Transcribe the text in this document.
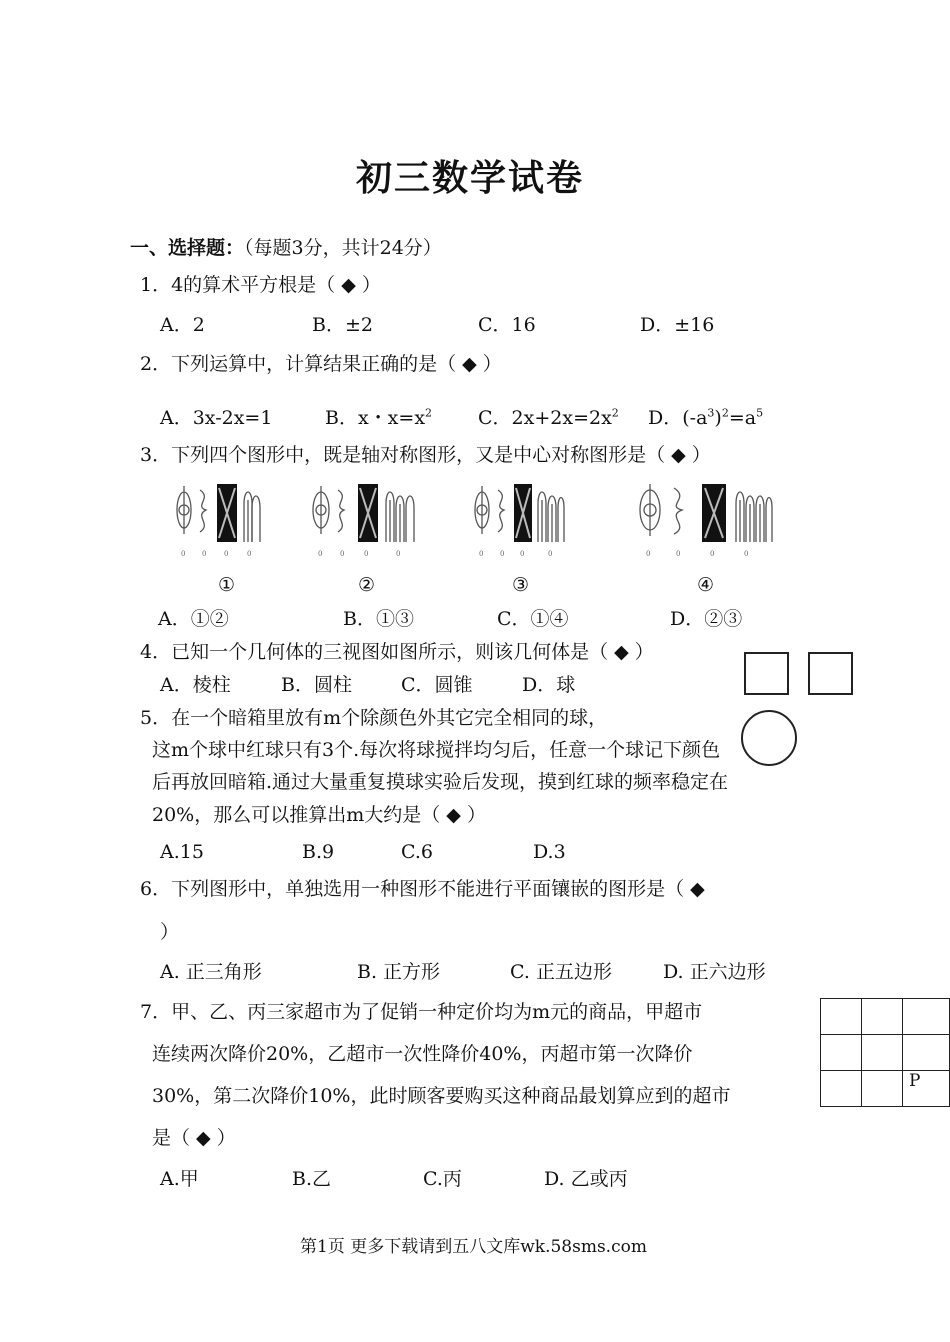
初三数学试卷
一、选择题：（每题3分，共计24分）
1．4的算术平方根是（ ◆ ）
A．2	B．±2	C．16	D．±16
2．下列运算中，计算结果正确的是（ ◆ ）
A．3x-2x=1	B．x・$x=x^2$ C．$2x+2x=2x^2$ D．$(-a^3)^2=a^5$
3．下列四个图形中，既是轴对称图形，又是中心对称图形是（ ◆ ）
0 0	0	0	0	0	0	0	0 0 0	0	0	0	0	0
①	②	③	④
A．①②	B．①③	C．①④	D．②③
4．已知一个几何体的三视图如图所示，则该几何体是（ ◆ ）
A．棱柱	B．圆柱	C．圆锥	D．球
5．在一个暗箱里放有m个除颜色外其它完全相同的球，
这m个球中红球只有3个.每次将球搅拌均匀后，任意一个球记下颜色
后再放回暗箱.通过大量重复摸球实验后发现，摸到红球的频率稳定在
20%，那么可以推算出m大约是（ ◆ ）
A.15	B.9	C.6	D.3
6．下列图形中，单独选用一种图形不能进行平面镶嵌的图形是（ ◆
）
A. 正三角形	B. 正方形	C. 正五边形	D. 正六边形
7．甲、乙、丙三家超市为了促销一种定价均为m元的商品，甲超市
连续两次降价20%，乙超市一次性降价40%，丙超市第一次降价
30%，第二次降价10%，此时顾客要购买这种商品最划算应到的超市
是（ ◆ ）
A.甲	B.乙	C.丙	D. 乙或丙

		P
第1页 更多下载请到五八文库wk.58sms.com
